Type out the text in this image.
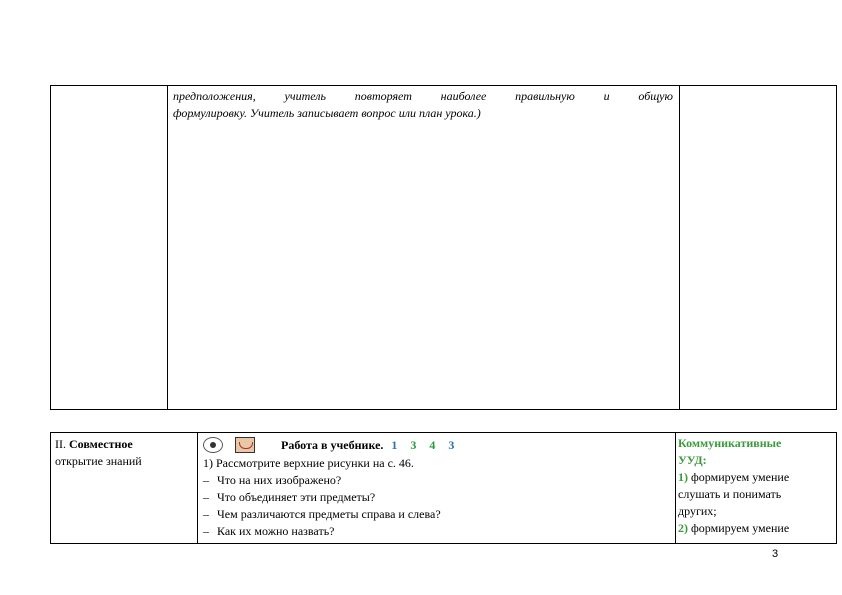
предположения, учитель повторяет наиболее правильную и общую
формулировку. Учитель записывает вопрос или план урока.)
II. Совместное
открытие знаний
Работа в учебнике. 1 3 4 3
1) Рассмотрите верхние рисунки на с. 46.
– Что на них изображено?
– Что объединяет эти предметы?
– Чем различаются предметы справа и слева?
– Как их можно назвать?
Коммуникативные
УУД:
1) формируем умение
слушать и понимать
других;
2) формируем умение
3
